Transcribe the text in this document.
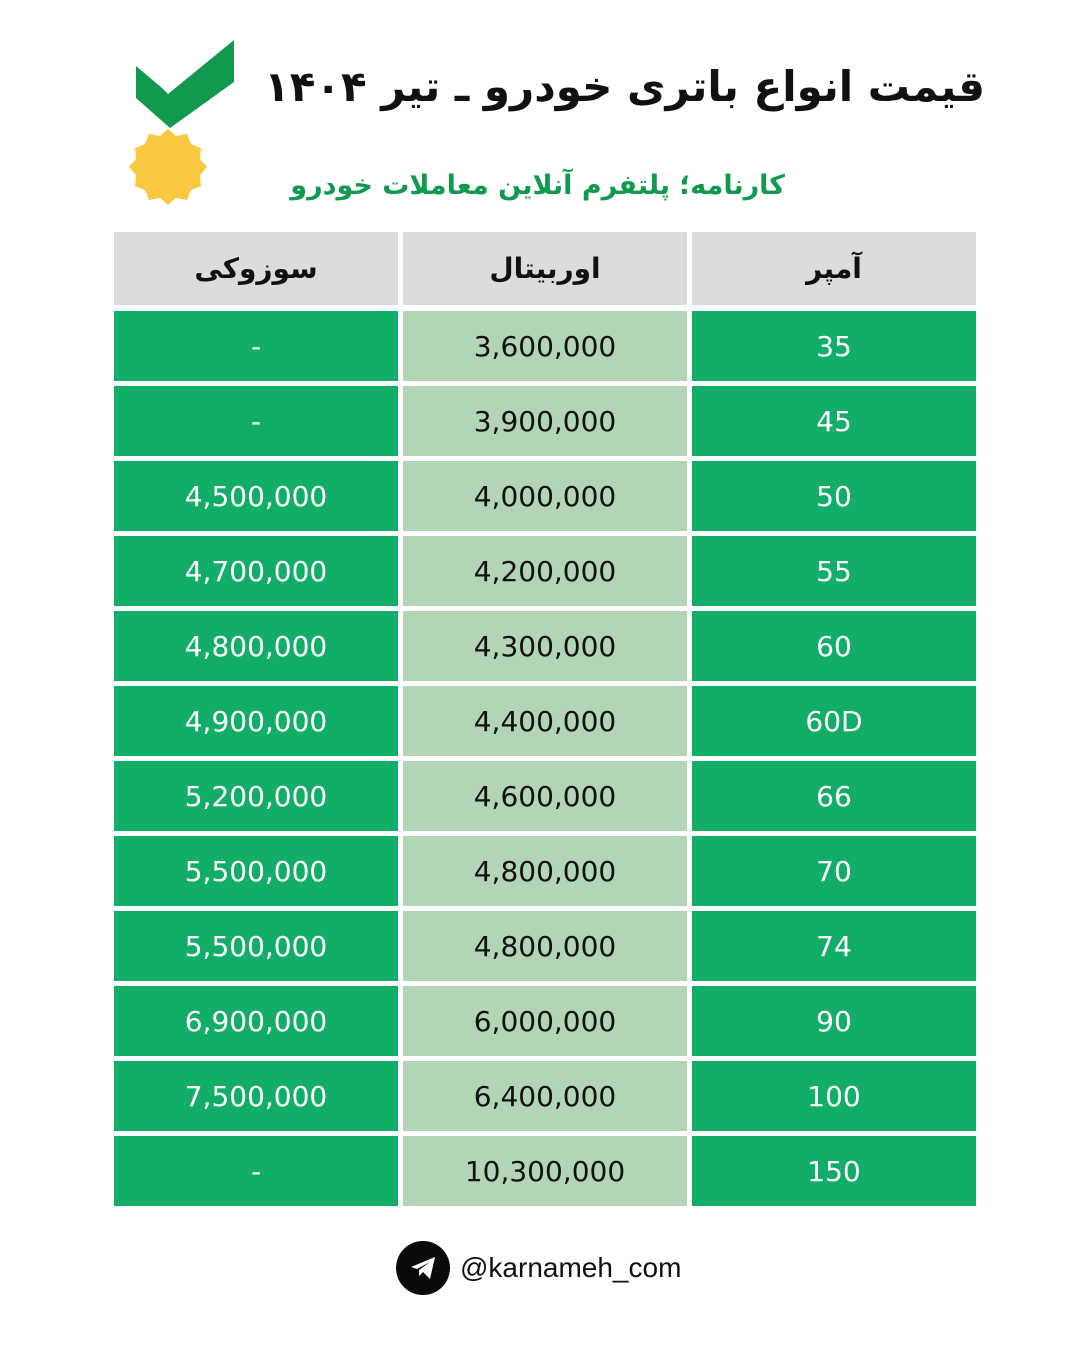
قیمت انواع باتری خودرو ـ تیر ۱۴۰۴
کارنامه؛ پلتفرم آنلاین معاملات خودرو
سوزوکی	اوربیتال	آمپر
-	3,600,000	35
-	3,900,000	45
4,500,000	4,000,000	50
4,700,000	4,200,000	55
4,800,000	4,300,000	60
4,900,000	4,400,000	60D
5,200,000	4,600,000	66
5,500,000	4,800,000	70
5,500,000	4,800,000	74
6,900,000	6,000,000	90
7,500,000	6,400,000	100
-	10,300,000	150
@karnameh_com
